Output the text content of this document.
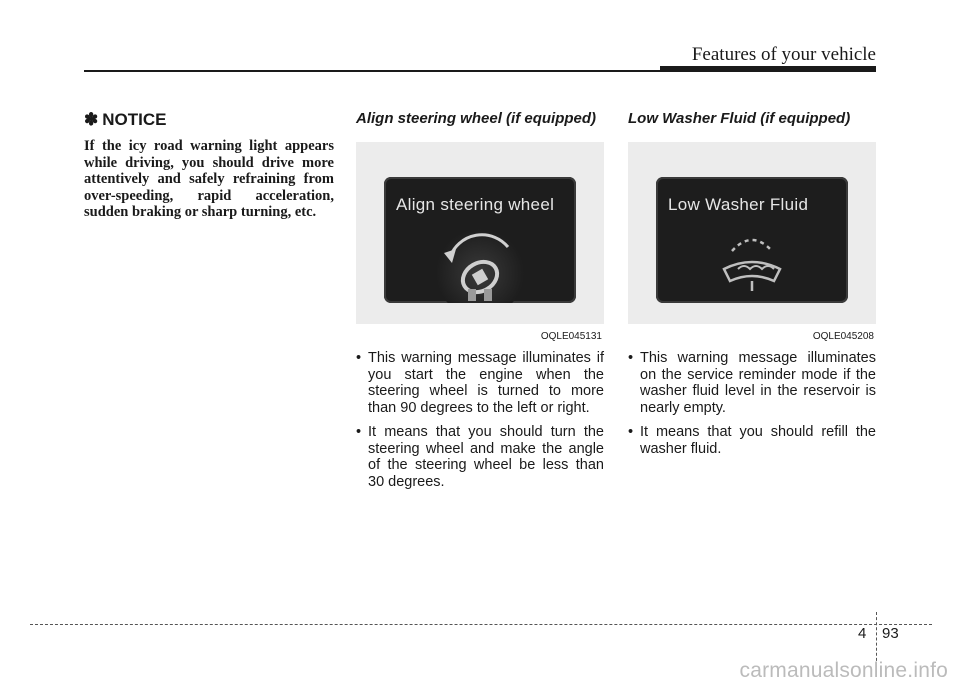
Features of your vehicle
✽ NOTICE

If the icy road warning light appears while driving, you should drive more attentively and safely refraining from over-speeding, rapid acceleration, sudden braking or sharp turning, etc.

Align steering wheel (if equipped)
Align steering wheel
OQLE045131
• This warning message illuminates if you start the engine when the steering wheel is turned to more than 90 degrees to the left or right.
• It means that you should turn the steering wheel and make the angle of the steering wheel be less than 30 degrees.
Low Washer Fluid (if equipped)
Low Washer Fluid
OQLE045208
• This warning message illuminates on the service reminder mode if the washer fluid level in the reservoir is nearly empty.
• It means that you should refill the washer fluid.
4 93
carmanualsonline.info
